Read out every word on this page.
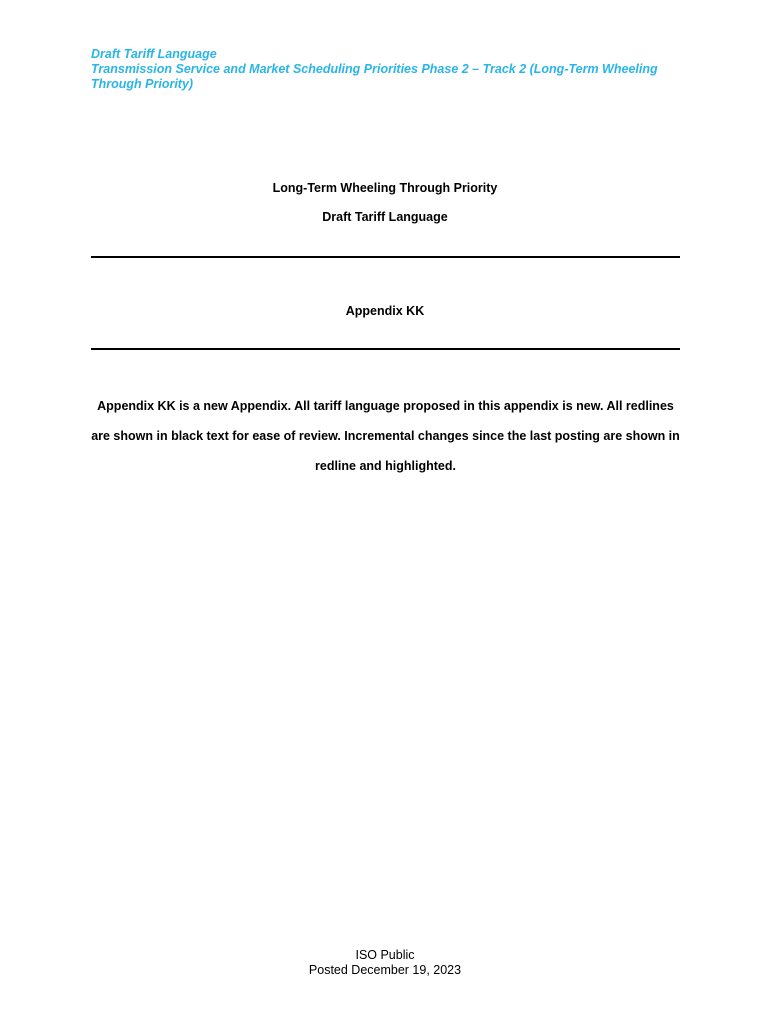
Draft Tariff Language
Transmission Service and Market Scheduling Priorities Phase 2 – Track 2 (Long-Term Wheeling Through Priority)
Long-Term Wheeling Through Priority
Draft Tariff Language
Appendix KK
Appendix KK is a new Appendix. All tariff language proposed in this appendix is new. All redlines are shown in black text for ease of review. Incremental changes since the last posting are shown in redline and highlighted.
ISO Public
Posted December 19, 2023
